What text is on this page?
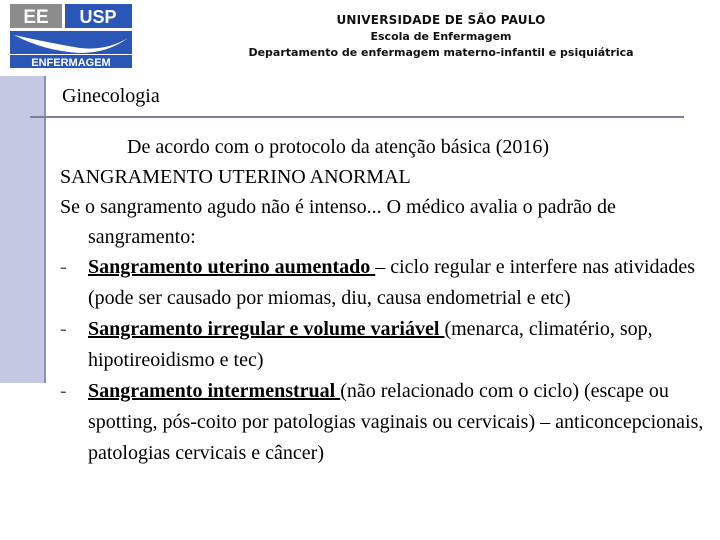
EE USP
ENFERMAGEM
UNIVERSIDADE DE SÃO PAULO
Escola de Enfermagem
Departamento de enfermagem materno-infantil e psiquiátrica
Ginecologia
De acordo com o protocolo da atenção básica (2016)
SANGRAMENTO UTERINO ANORMAL
Se o sangramento agudo não é intenso... O médico avalia o padrão de sangramento:
- Sangramento uterino aumentado – ciclo regular e interfere nas atividades (pode ser causado por miomas, diu, causa endometrial e etc)
- Sangramento irregular e volume variável (menarca, climatério, sop, hipotireoidismo e tec)
- Sangramento intermenstrual (não relacionado com o ciclo) (escape ou spotting, pós-coito por patologias vaginais ou cervicais) – anticoncepcionais, patologias cervicais e câncer)
